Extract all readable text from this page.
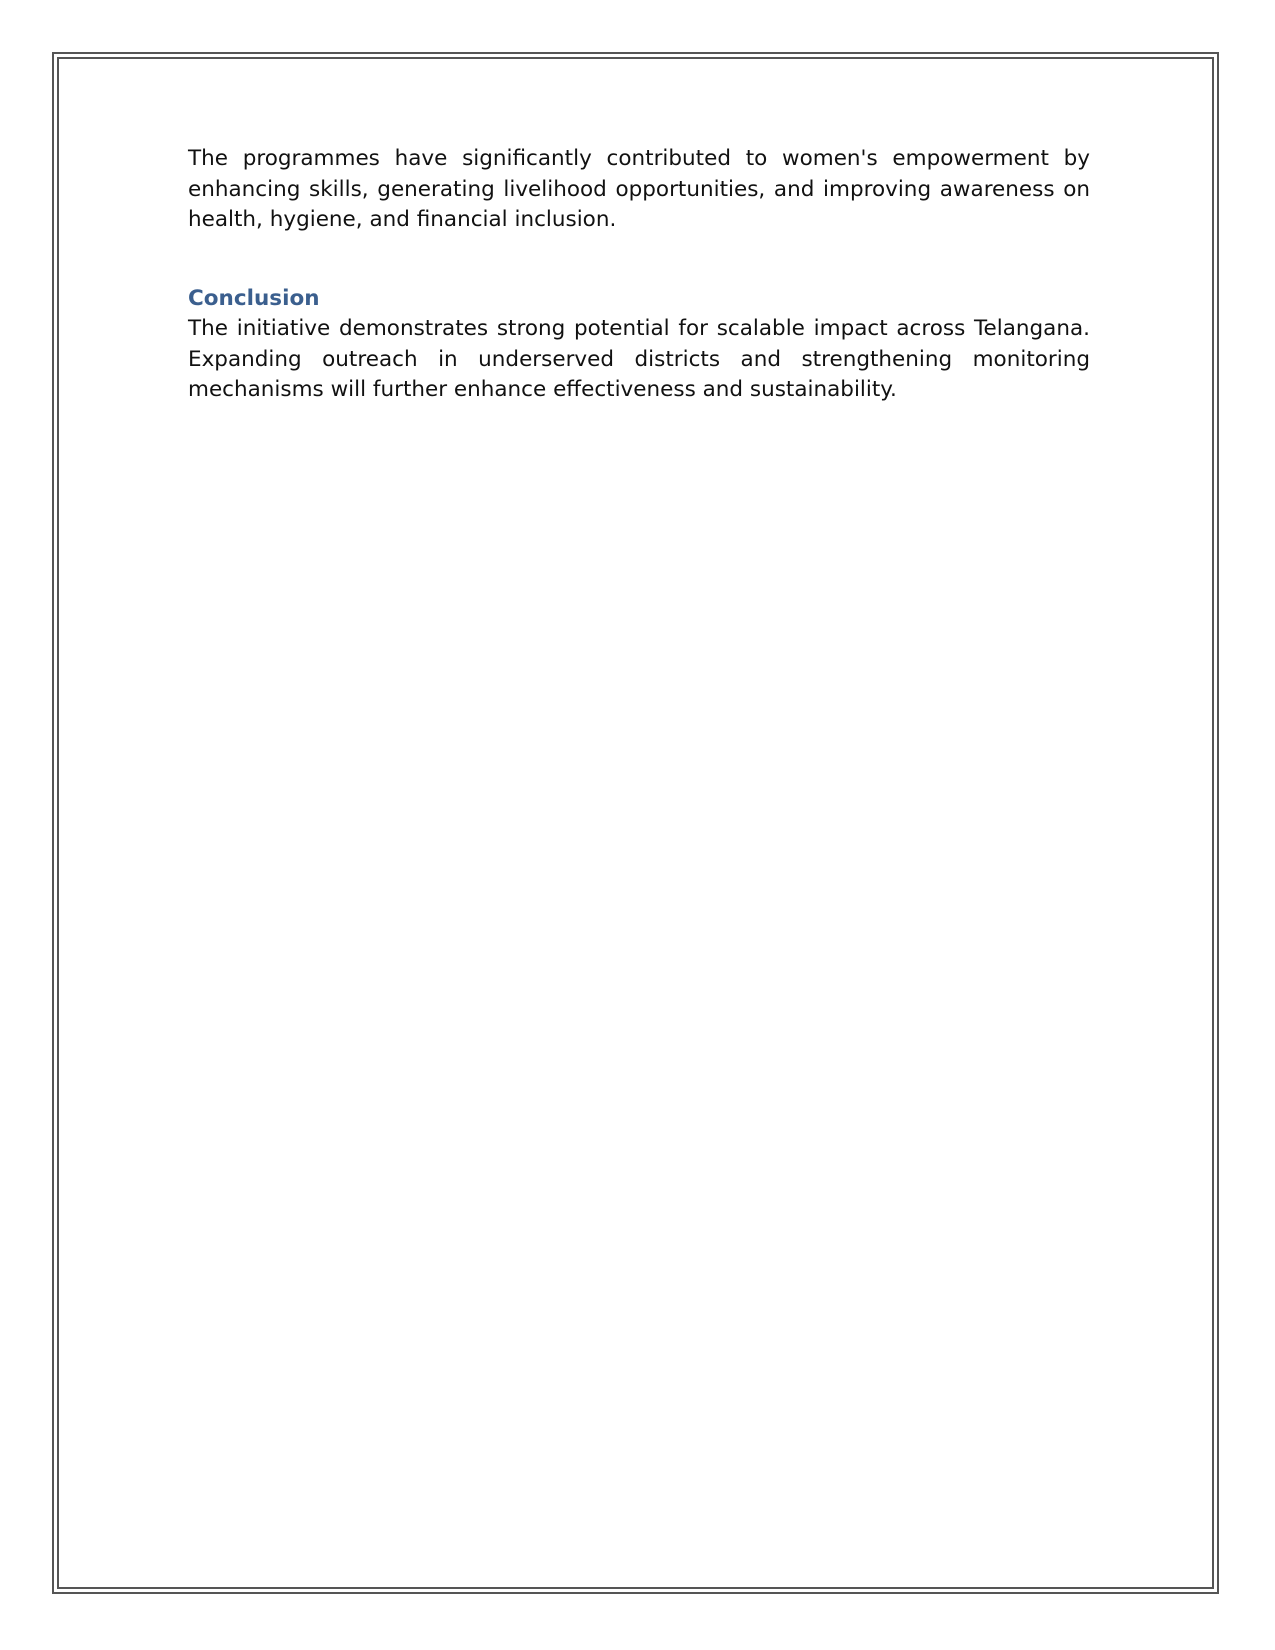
The programmes have significantly contributed to women's empowerment by enhancing skills, generating livelihood opportunities, and improving awareness on health, hygiene, and financial inclusion.

Conclusion

The initiative demonstrates strong potential for scalable impact across Telangana. Expanding outreach in underserved districts and strengthening monitoring mechanisms will further enhance effectiveness and sustainability.
